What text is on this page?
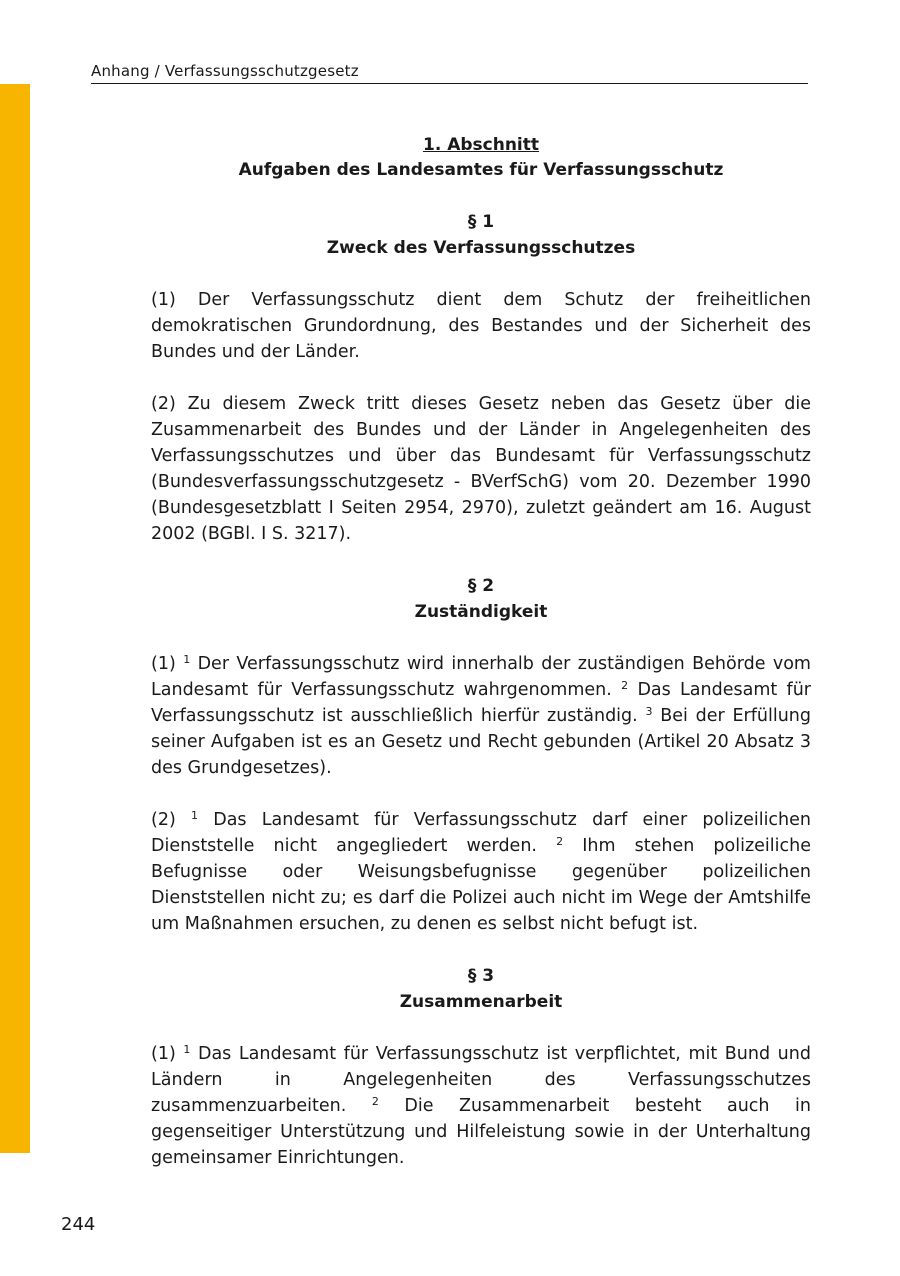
Anhang / Verfassungsschutzgesetz
1. Abschnitt
Aufgaben des Landesamtes für Verfassungsschutz
§ 1
Zweck des Verfassungsschutzes

(1) Der Verfassungsschutz dient dem Schutz der freiheitlichen demokratischen Grundordnung, des Bestandes und der Sicherheit des Bundes und der Länder.

(2) Zu diesem Zweck tritt dieses Gesetz neben das Gesetz über die Zusammenarbeit des Bundes und der Länder in Angelegenheiten des Verfassungsschutzes und über das Bundesamt für Verfassungsschutz (Bundesverfassungsschutzgesetz - BVerfSchG) vom 20. Dezember 1990 (Bundesgesetzblatt I Seiten 2954, 2970), zuletzt geändert am 16. August 2002 (BGBl. I S. 3217).

§ 2
Zuständigkeit

(1) $^1$ Der Verfassungsschutz wird innerhalb der zuständigen Behörde vom Landesamt für Verfassungsschutz wahrgenommen. $^2$ Das Landesamt für Verfassungsschutz ist ausschließlich hierfür zuständig. $^3$ Bei der Erfüllung seiner Aufgaben ist es an Gesetz und Recht gebunden (Artikel 20 Absatz 3 des Grundgesetzes).

(2) $^1$ Das Landesamt für Verfassungsschutz darf einer polizeilichen Dienststelle nicht angegliedert werden. $^2$ Ihm stehen polizeiliche Befugnisse oder Weisungsbefugnisse gegenüber polizeilichen Dienststellen nicht zu; es darf die Polizei auch nicht im Wege der Amtshilfe um Maßnahmen ersuchen, zu denen es selbst nicht befugt ist.

§ 3
Zusammenarbeit

(1) $^1$ Das Landesamt für Verfassungsschutz ist verpflichtet, mit Bund und Ländern in Angelegenheiten des Verfassungsschutzes zusammenzuarbeiten. $^2$ Die Zusammenarbeit besteht auch in gegenseitiger Unterstützung und Hilfeleistung sowie in der Unterhaltung gemeinsamer Einrichtungen.

244
